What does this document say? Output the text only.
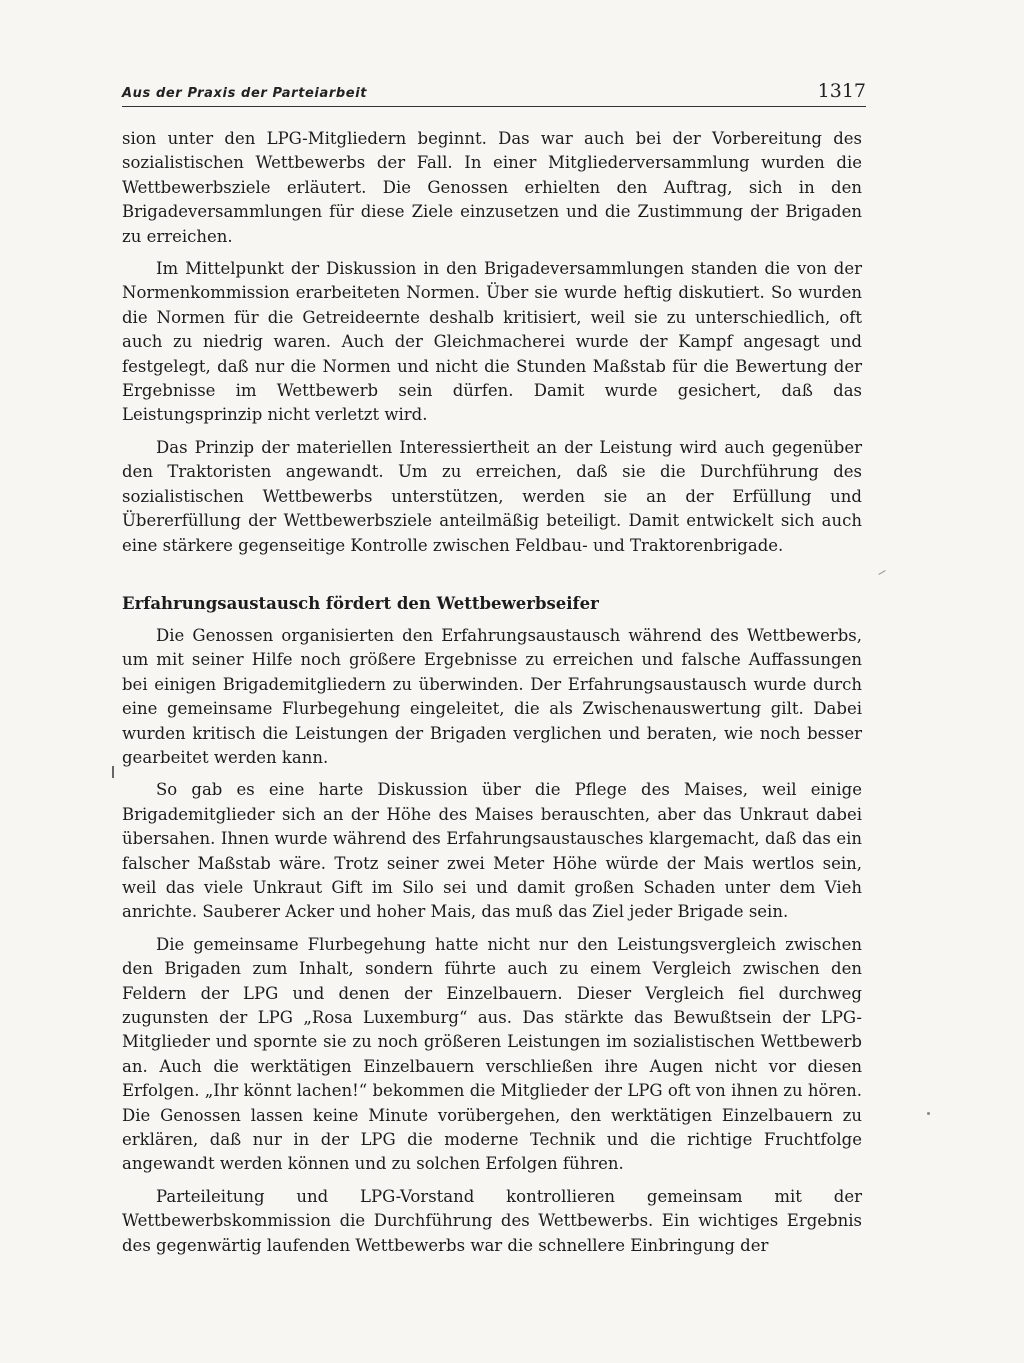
Aus der Praxis der Parteiarbeit	1317

sion unter den LPG-Mitgliedern beginnt. Das war auch bei der Vorbereitung des sozialistischen Wettbewerbs der Fall. In einer Mitgliederversammlung wurden die Wettbewerbsziele erläutert. Die Genossen erhielten den Auftrag, sich in den Brigadeversammlungen für diese Ziele einzusetzen und die Zustimmung der Brigaden zu erreichen.

Im Mittelpunkt der Diskussion in den Brigadeversammlungen standen die von der Normenkommission erarbeiteten Normen. Über sie wurde heftig diskutiert. So wurden die Normen für die Getreideernte deshalb kritisiert, weil sie zu unterschiedlich, oft auch zu niedrig waren. Auch der Gleichmacherei wurde der Kampf angesagt und festgelegt, daß nur die Normen und nicht die Stunden Maßstab für die Bewertung der Ergebnisse im Wettbewerb sein dürfen. Damit wurde gesichert, daß das Leistungsprinzip nicht verletzt wird.

Das Prinzip der materiellen Interessiertheit an der Leistung wird auch gegenüber den Traktoristen angewandt. Um zu erreichen, daß sie die Durchführung des sozialistischen Wettbewerbs unterstützen, werden sie an der Erfüllung und Übererfüllung der Wettbewerbsziele anteilmäßig beteiligt. Damit entwickelt sich auch eine stärkere gegenseitige Kontrolle zwischen Feldbau- und Traktorenbrigade.

Erfahrungsaustausch fördert den Wettbewerbseifer

Die Genossen organisierten den Erfahrungsaustausch während des Wettbewerbs, um mit seiner Hilfe noch größere Ergebnisse zu erreichen und falsche Auffassungen bei einigen Brigademitgliedern zu überwinden. Der Erfahrungsaustausch wurde durch eine gemeinsame Flurbegehung eingeleitet, die als Zwischenauswertung gilt. Dabei wurden kritisch die Leistungen der Brigaden verglichen und beraten, wie noch besser gearbeitet werden kann.

So gab es eine harte Diskussion über die Pflege des Maises, weil einige Brigademitglieder sich an der Höhe des Maises berauschten, aber das Unkraut dabei übersahen. Ihnen wurde während des Erfahrungsaustausches klargemacht, daß das ein falscher Maßstab wäre. Trotz seiner zwei Meter Höhe würde der Mais wertlos sein, weil das viele Unkraut Gift im Silo sei und damit großen Schaden unter dem Vieh anrichte. Sauberer Acker und hoher Mais, das muß das Ziel jeder Brigade sein.

Die gemeinsame Flurbegehung hatte nicht nur den Leistungsvergleich zwischen den Brigaden zum Inhalt, sondern führte auch zu einem Vergleich zwischen den Feldern der LPG und denen der Einzelbauern. Dieser Vergleich fiel durchweg zugunsten der LPG „Rosa Luxemburg“ aus. Das stärkte das Bewußtsein der LPG-Mitglieder und spornte sie zu noch größeren Leistungen im sozialistischen Wettbewerb an. Auch die werktätigen Einzelbauern verschließen ihre Augen nicht vor diesen Erfolgen. „Ihr könnt lachen!“ bekommen die Mitglieder der LPG oft von ihnen zu hören. Die Genossen lassen keine Minute vorübergehen, den werktätigen Einzelbauern zu erklären, daß nur in der LPG die moderne Technik und die richtige Fruchtfolge angewandt werden können und zu solchen Erfolgen führen.

Parteileitung und LPG-Vorstand kontrollieren gemeinsam mit der Wettbewerbskommission die Durchführung des Wettbewerbs. Ein wichtiges Ergebnis des gegenwärtig laufenden Wettbewerbs war die schnellere Einbringung der
